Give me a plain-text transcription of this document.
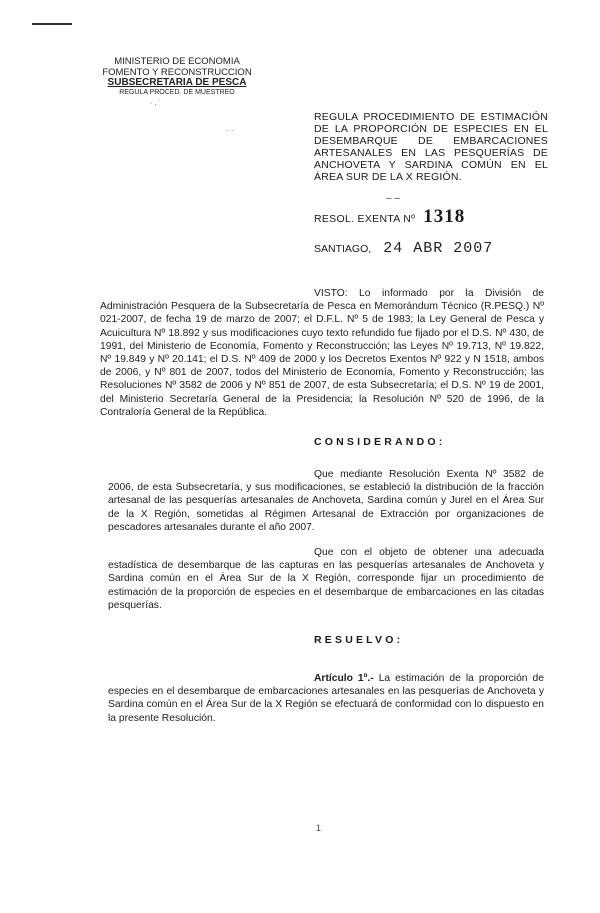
MINISTERIO DE ECONOMIA
FOMENTO Y RECONSTRUCCION
SUBSECRETARIA DE PESCA
REGULA PROCED. DE MUESTREO
⸱ ⸳ ˙
· ·
REGULA PROCEDIMIENTO DE ESTIMACIÓN DE LA PROPORCIÓN DE ESPECIES EN EL DESEMBARQUE DE EMBARCACIONES ARTESANALES EN LAS PESQUERÍAS DE ANCHOVETA Y SARDINA COMÚN EN EL ÁREA SUR DE LA X REGIÓN.
– –
RESOL. EXENTA Nº 1318
SANTIAGO, 24 ABR 2007
VISTO: Lo informado por la División de Administración Pesquera de la Subsecretaría de Pesca en Memorándum Técnico (R.PESQ.) Nº 021-2007, de fecha 19 de marzo de 2007; el D.F.L. Nº 5 de 1983; la Ley General de Pesca y Acuicultura Nº 18.892 y sus modificaciones cuyo texto refundido fue fijado por el D.S. Nº 430, de 1991, del Ministerio de Economía, Fomento y Reconstrucción; las Leyes Nº 19.713, Nº 19.822, Nº 19.849 y Nº 20.141; el D.S. Nº 409 de 2000 y los Decretos Exentos Nº 922 y N 1518, ambos de 2006, y Nº 801 de 2007, todos del Ministerio de Economía, Fomento y Reconstrucción; las Resoluciones Nº 3582 de 2006 y Nº 851 de 2007, de esta Subsecretaría; el D.S. Nº 19 de 2001, del Ministerio Secretaría General de la Presidencia; la Resolución Nº 520 de 1996, de la Contraloría General de la República.
CONSIDERANDO:
Que mediante Resolución Exenta Nº 3582 de 2006, de esta Subsecretaría, y sus modificaciones, se estableció la distribución de la fracción artesanal de las pesquerías artesanales de Anchoveta, Sardina común y Jurel en el Área Sur de la X Región, sometidas al Régimen Artesanal de Extracción por organizaciones de pescadores artesanales durante el año 2007.
Que con el objeto de obtener una adecuada estadística de desembarque de las capturas en las pesquerías artesanales de Anchoveta y Sardina común en el Área Sur de la X Región, corresponde fijar un procedimiento de estimación de la proporción de especies en el desembarque de embarcaciones en las citadas pesquerías.
RESUELVO:
Artículo 1º.- La estimación de la proporción de especies en el desembarque de embarcaciones artesanales en las pesquerías de Anchoveta y Sardina común en el Área Sur de la X Región se efectuará de conformidad con lo dispuesto en la presente Resolución.
1
